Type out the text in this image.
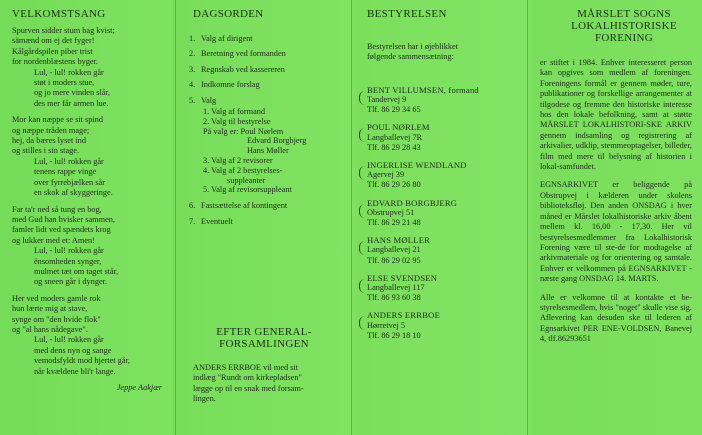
VELKOMSTSANG
Spurven sidder stum bag kvist;
sämænd om ej det fyger!
Kålgårdspilen piber trist
for nordenblæstens byger.
Lul, - lul! rokken går
støt i moders stue,
og jo mere vinden slår,
des mer får armen lue.
Mor kan næppe se sit spind
og næppe tråden mage;
hej, da bæres lyset ind
og stilles i sin stage.
Lul, - lul! rokken går
tenens rappe vinge
over fyrrebjælken sår
en skok af skyggeringe.
Far ta'r ned så tung en bog,
med Gud han hvisker sammen,
famler lidt ved spændets krog
og lukker med et: Amen!
Lul, - lul! rokken går
ënsomheden synger,
mulmet tæt om taget står,
og sneen går i dynger.
Her ved moders gamle rok
hun lærte mig at stave,
synge om "den hvide flok"
og "al hans nådegave".
Lul, - lul! rokken går
med dens nyn og sange
vemodsfyldt mod hjertet går,
når kvældene bli'r lange.
Jeppe Aakjær
DAGSORDEN
1. Valg af dirigent
2. Beretning ved formanden
3. Regnskab ved kassereren
4. Indkomne forslag
5. Valg
1. Valg af formand
2. Valg til bestyrelse
På valg er: Poul Nørlem
Edvard Borgbjerg
Hans Møller
3. Valg af 2 revisorer
4. Valg af 2 bestyrelses-
suppleanter
5. Valg af revisorsuppleant
6. Fastsættelse af kontingent
7. Eventuelt
EFTER GENERAL-
FORSAMLINGEN
ANDERS ERRBOE vil med sit
indlæg "Rundt om kirkepladsen"
lægge op til en snak med forsam-
lingen.
BESTYRELSEN
Bestyrelsen har i øjeblikket
følgende sammensætning:
BENT VILLUMSEN, formand
Tandervej 9
Tlf. 86 29 34 65
POUL NØRLEM
Langballevej 7R
Tlf. 86 29 28 43
INGERLISE WENDLAND
Agervej 39
Tlf. 86 29 26 80
EDVARD BORGBJERG
Obstrupvej 51
Tlf. 86 29 21 48
HANS MØLLER
Langballevej 21
Tlf. 86 29 02 95
ELSE SVENDSEN
Langballevej 117
Tlf. 86 93 60 38
ANDERS ERRBOE
Hørretvej 5
Tlf. 86 29 18 10
MÅRSLET SOGNS
LOKALHISTORISKE
FORENING

er stiftet i 1984. Enhver interesseret person kan opgives som medlem af foreningen. Foreningens formål er gennem møder, ture, publikationer og forskellige arrangementer at tilgodese og fremme den historiske interesse hos den lokale befolkning, samt at støtte MÅRSLET LOKALHISTORI-SKE ARKIV gennem indsamling og registrering af arkivalier, udklip, stemmeoptagelser, billeder, film med mere til belysning af historien i lokal-samfundet.

EGNSARKIVET er beliggende på Obstrupvej i kælderen under skolens biblioteksfløj. Den anden ONSDAG i hver måned er Mårslet lokalhistoriske arkiv åbent mellem kl. 16,00 - 17,30. Her vil bestyrelsesmedlemmer fra Lokalhistorisk Forening være til ste-de for modtagelse af arkivmateriale og for orientering og samtale. Enhver er velkommen på EGNSARKIVET - næste gang ONSDAG 14. MARTS.

Alle er velkomne til at kontakte et be-styrelsesmedlem, hvis "noget" skulle vise sig. Aflevering kan desuden ske til lederen af Egnsarkivet PER ENE-VOLDSEN, Banevej 4, tlf.86293651
